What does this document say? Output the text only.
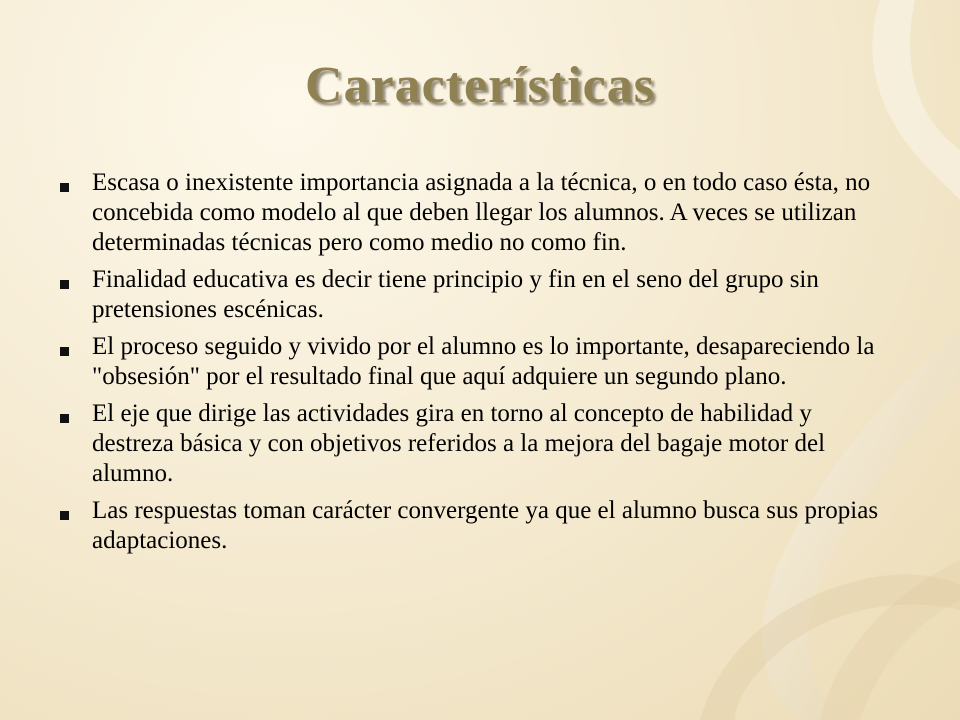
Características
Escasa o inexistente importancia asignada a la técnica, o en todo caso ésta, no concebida como modelo al que deben llegar los alumnos. A veces se utilizan determinadas técnicas pero como medio no como fin.
Finalidad educativa es decir tiene principio y fin en el seno del grupo sin pretensiones escénicas.
El proceso seguido y vivido por el alumno es lo importante, desapareciendo la "obsesión" por el resultado final que aquí adquiere un segundo plano.
El eje que dirige las actividades gira en torno al concepto de habilidad y destreza básica y con objetivos referidos a la mejora del bagaje motor del alumno.
Las respuestas toman carácter convergente ya que el alumno busca sus propias adaptaciones.
